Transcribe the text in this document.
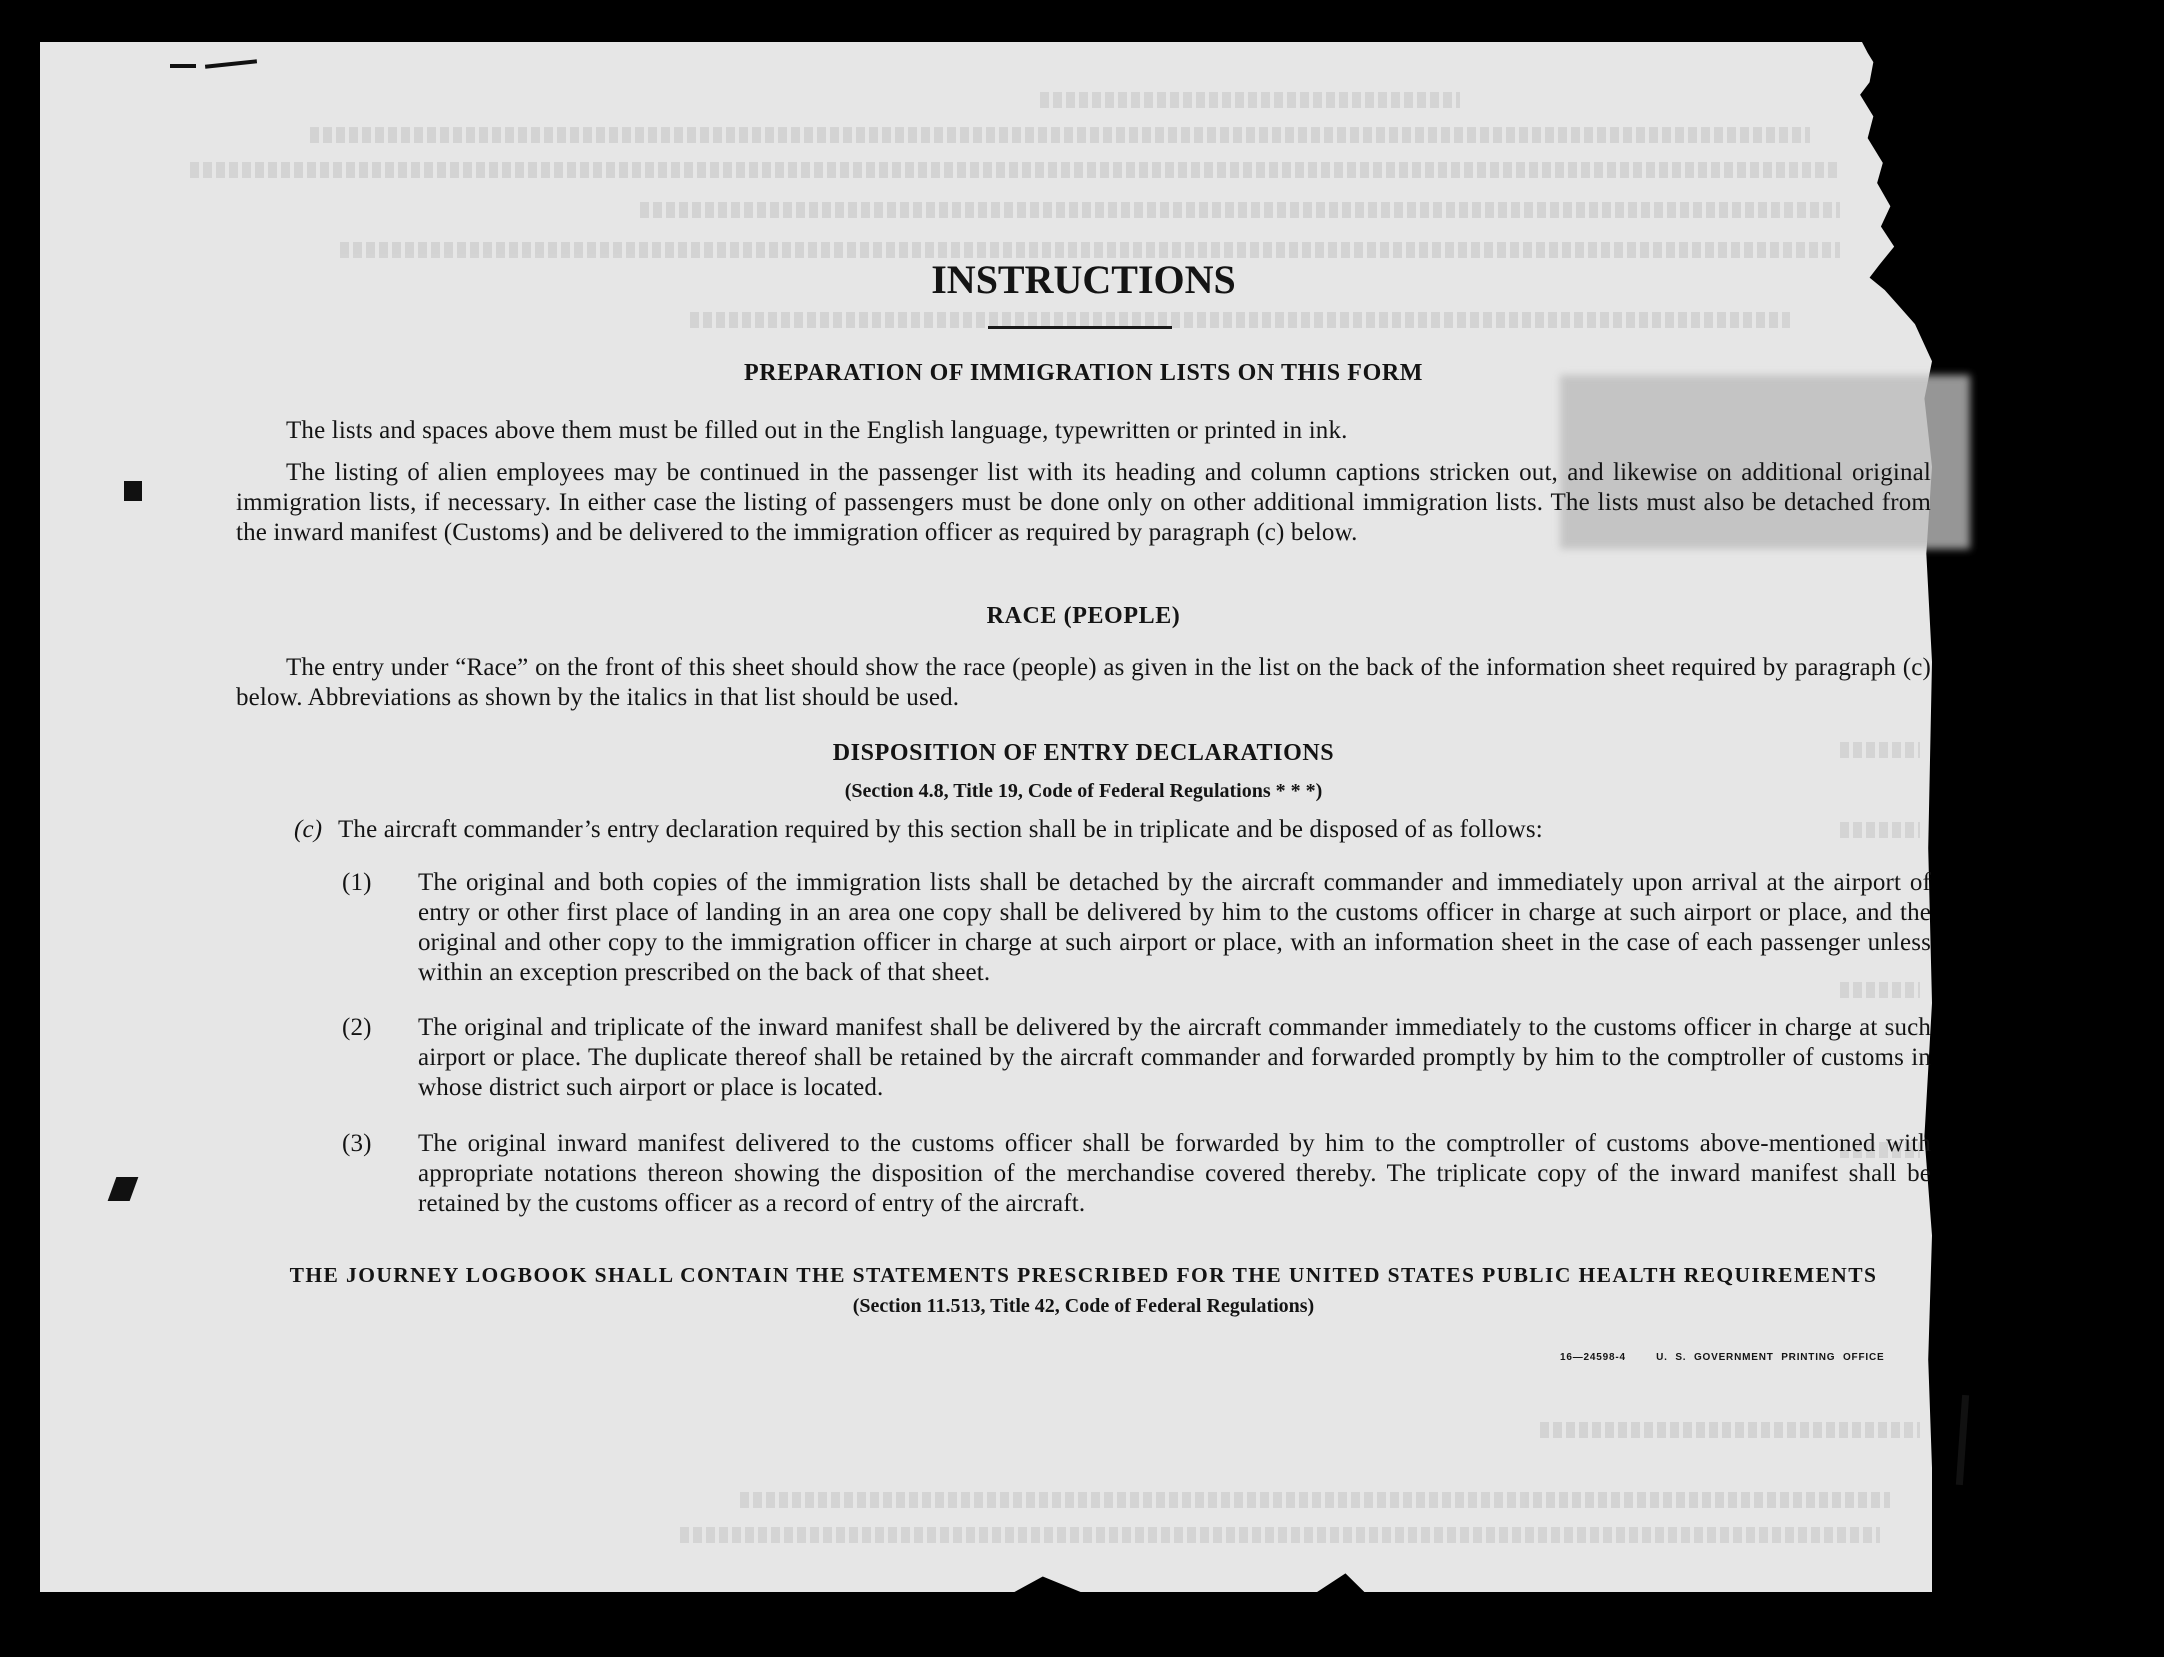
INSTRUCTIONS
PREPARATION OF IMMIGRATION LISTS ON THIS FORM
The lists and spaces above them must be filled out in the English language, typewritten or printed in ink.
The listing of alien employees may be continued in the passenger list with its heading and column captions stricken out, and likewise on additional original immigration lists, if necessary. In either case the listing of passengers must be done only on other additional immigration lists. The lists must also be detached from the inward manifest (Customs) and be delivered to the immigration officer as required by paragraph (c) below.
RACE (PEOPLE)
The entry under “Race” on the front of this sheet should show the race (people) as given in the list on the back of the information sheet required by paragraph (c) below. Abbreviations as shown by the italics in that list should be used.
DISPOSITION OF ENTRY DECLARATIONS
(Section 4.8, Title 19, Code of Federal Regulations * * *)
(c) The aircraft commander’s entry declaration required by this section shall be in triplicate and be disposed of as follows:
(1) The original and both copies of the immigration lists shall be detached by the aircraft commander and immediately upon arrival at the airport of entry or other first place of landing in an area one copy shall be delivered by him to the customs officer in charge at such airport or place, and the original and other copy to the immigration officer in charge at such airport or place, with an information sheet in the case of each passenger unless within an exception prescribed on the back of that sheet.
(2) The original and triplicate of the inward manifest shall be delivered by the aircraft commander immediately to the customs officer in charge at such airport or place. The duplicate thereof shall be retained by the aircraft commander and forwarded promptly by him to the comptroller of customs in whose district such airport or place is located.
(3) The original inward manifest delivered to the customs officer shall be forwarded by him to the comptroller of customs above-mentioned with appropriate notations thereon showing the disposition of the merchandise covered thereby. The triplicate copy of the inward manifest shall be retained by the customs officer as a record of entry of the aircraft.
THE JOURNEY LOGBOOK SHALL CONTAIN THE STATEMENTS PRESCRIBED FOR THE UNITED STATES PUBLIC HEALTH REQUIREMENTS
(Section 11.513, Title 42, Code of Federal Regulations)
16—24598-4	U. S. GOVERNMENT PRINTING OFFICE
